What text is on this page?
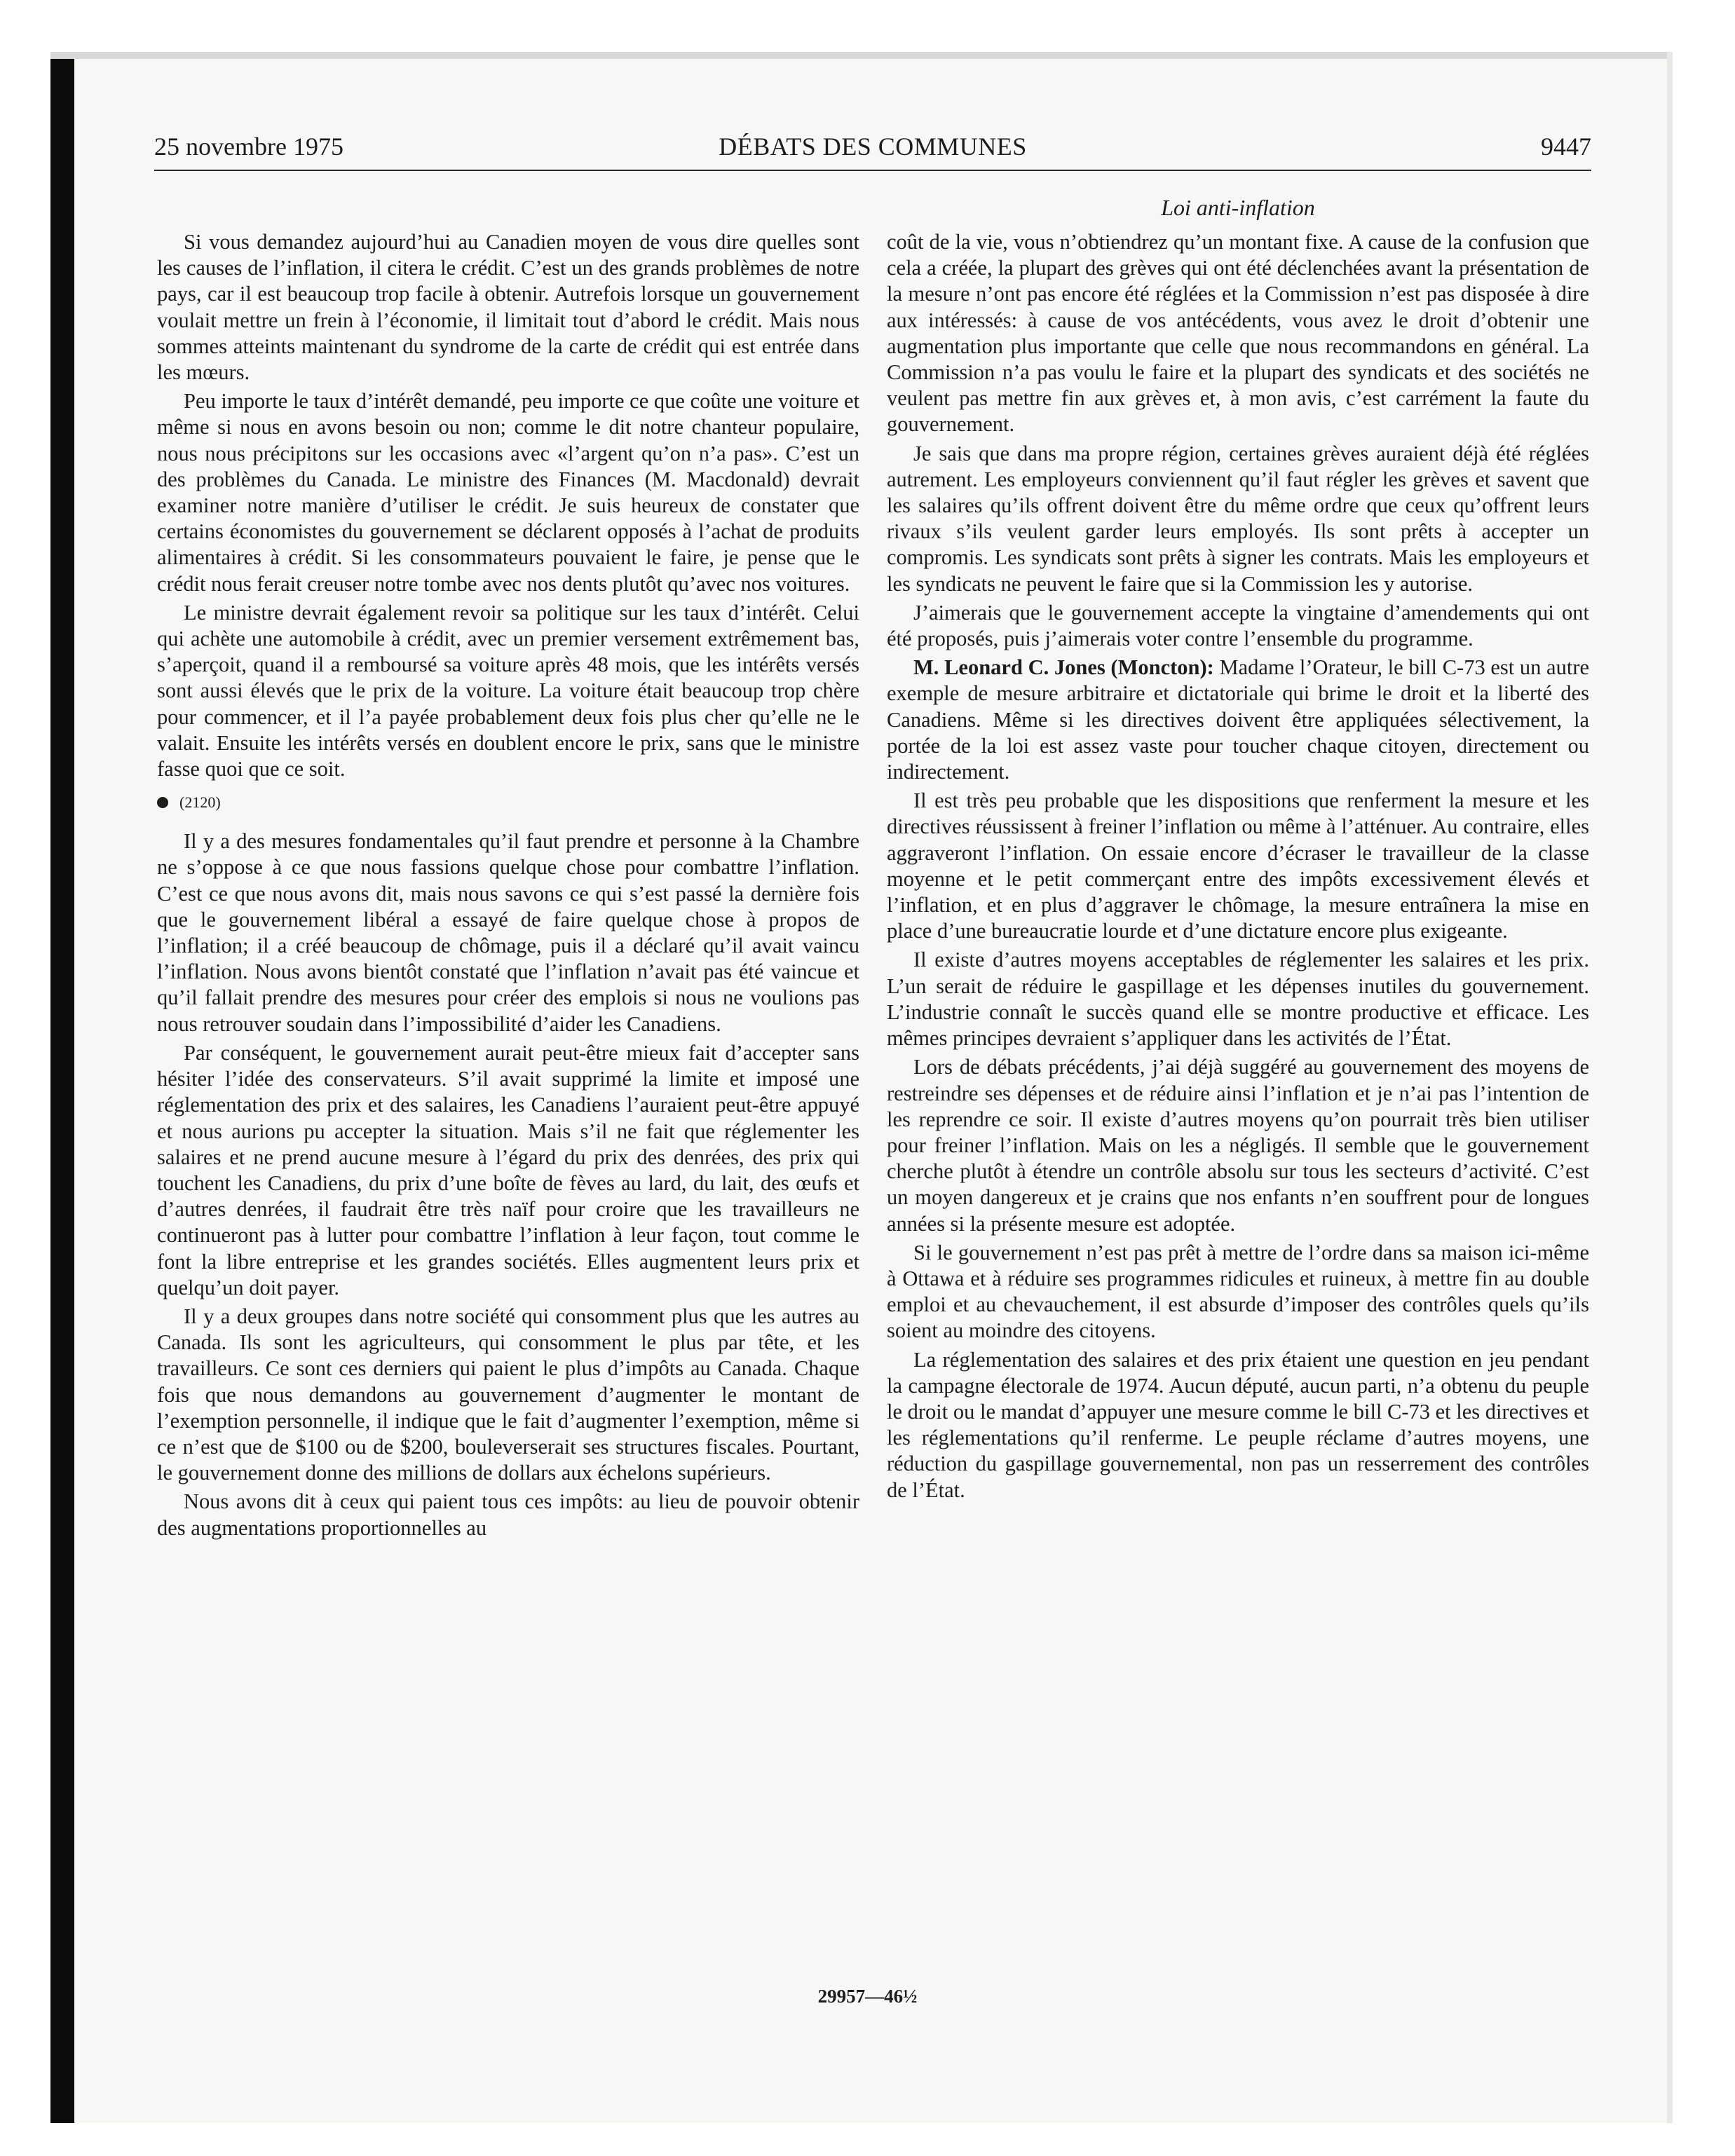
25 novembre 1975	DÉBATS DES COMMUNES	9447
Loi anti-inflation

Si vous demandez aujourd’hui au Canadien moyen de vous dire quelles sont les causes de l’inflation, il citera le crédit. C’est un des grands problèmes de notre pays, car il est beaucoup trop facile à obtenir. Autrefois lorsque un gouvernement voulait mettre un frein à l’économie, il limitait tout d’abord le crédit. Mais nous sommes atteints maintenant du syndrome de la carte de crédit qui est entrée dans les mœurs.

Peu importe le taux d’intérêt demandé, peu importe ce que coûte une voiture et même si nous en avons besoin ou non; comme le dit notre chanteur populaire, nous nous précipitons sur les occasions avec «l’argent qu’on n’a pas». C’est un des problèmes du Canada. Le ministre des Finances (M. Macdonald) devrait examiner notre manière d’utiliser le crédit. Je suis heureux de constater que certains économistes du gouvernement se déclarent opposés à l’achat de produits alimentaires à crédit. Si les consommateurs pouvaient le faire, je pense que le crédit nous ferait creuser notre tombe avec nos dents plutôt qu’avec nos voitures.

Le ministre devrait également revoir sa politique sur les taux d’intérêt. Celui qui achète une automobile à crédit, avec un premier versement extrêmement bas, s’aperçoit, quand il a remboursé sa voiture après 48 mois, que les intérêts versés sont aussi élevés que le prix de la voiture. La voiture était beaucoup trop chère pour commencer, et il l’a payée probablement deux fois plus cher qu’elle ne le valait. Ensuite les intérêts versés en doublent encore le prix, sans que le ministre fasse quoi que ce soit.

(2120)

Il y a des mesures fondamentales qu’il faut prendre et personne à la Chambre ne s’oppose à ce que nous fassions quelque chose pour combattre l’inflation. C’est ce que nous avons dit, mais nous savons ce qui s’est passé la dernière fois que le gouvernement libéral a essayé de faire quelque chose à propos de l’inflation; il a créé beaucoup de chômage, puis il a déclaré qu’il avait vaincu l’inflation. Nous avons bientôt constaté que l’inflation n’avait pas été vaincue et qu’il fallait prendre des mesures pour créer des emplois si nous ne voulions pas nous retrouver soudain dans l’impossibilité d’aider les Canadiens.

Par conséquent, le gouvernement aurait peut-être mieux fait d’accepter sans hésiter l’idée des conservateurs. S’il avait supprimé la limite et imposé une réglementation des prix et des salaires, les Canadiens l’auraient peut-être appuyé et nous aurions pu accepter la situation. Mais s’il ne fait que réglementer les salaires et ne prend aucune mesure à l’égard du prix des denrées, des prix qui touchent les Canadiens, du prix d’une boîte de fèves au lard, du lait, des œufs et d’autres denrées, il faudrait être très naïf pour croire que les travailleurs ne continueront pas à lutter pour combattre l’inflation à leur façon, tout comme le font la libre entreprise et les grandes sociétés. Elles augmentent leurs prix et quelqu’un doit payer.

Il y a deux groupes dans notre société qui consomment plus que les autres au Canada. Ils sont les agriculteurs, qui consomment le plus par tête, et les travailleurs. Ce sont ces derniers qui paient le plus d’impôts au Canada. Chaque fois que nous demandons au gouvernement d’augmenter le montant de l’exemption personnelle, il indique que le fait d’augmenter l’exemption, même si ce n’est que de $100 ou de $200, bouleverserait ses structures fiscales. Pourtant, le gouvernement donne des millions de dollars aux échelons supérieurs.

Nous avons dit à ceux qui paient tous ces impôts: au lieu de pouvoir obtenir des augmentations proportionnelles au

coût de la vie, vous n’obtiendrez qu’un montant fixe. A cause de la confusion que cela a créée, la plupart des grèves qui ont été déclenchées avant la présentation de la mesure n’ont pas encore été réglées et la Commission n’est pas disposée à dire aux intéressés: à cause de vos antécédents, vous avez le droit d’obtenir une augmentation plus importante que celle que nous recommandons en général. La Commission n’a pas voulu le faire et la plupart des syndicats et des sociétés ne veulent pas mettre fin aux grèves et, à mon avis, c’est carrément la faute du gouvernement.

Je sais que dans ma propre région, certaines grèves auraient déjà été réglées autrement. Les employeurs conviennent qu’il faut régler les grèves et savent que les salaires qu’ils offrent doivent être du même ordre que ceux qu’offrent leurs rivaux s’ils veulent garder leurs employés. Ils sont prêts à accepter un compromis. Les syndicats sont prêts à signer les contrats. Mais les employeurs et les syndicats ne peuvent le faire que si la Commission les y autorise.

J’aimerais que le gouvernement accepte la vingtaine d’amendements qui ont été proposés, puis j’aimerais voter contre l’ensemble du programme.

M. Leonard C. Jones (Moncton): Madame l’Orateur, le bill C-73 est un autre exemple de mesure arbitraire et dictatoriale qui brime le droit et la liberté des Canadiens. Même si les directives doivent être appliquées sélectivement, la portée de la loi est assez vaste pour toucher chaque citoyen, directement ou indirectement.

Il est très peu probable que les dispositions que renferment la mesure et les directives réussissent à freiner l’inflation ou même à l’atténuer. Au contraire, elles aggraveront l’inflation. On essaie encore d’écraser le travailleur de la classe moyenne et le petit commerçant entre des impôts excessivement élevés et l’inflation, et en plus d’aggraver le chômage, la mesure entraînera la mise en place d’une bureaucratie lourde et d’une dictature encore plus exigeante.

Il existe d’autres moyens acceptables de réglementer les salaires et les prix. L’un serait de réduire le gaspillage et les dépenses inutiles du gouvernement. L’industrie connaît le succès quand elle se montre productive et efficace. Les mêmes principes devraient s’appliquer dans les activités de l’État.

Lors de débats précédents, j’ai déjà suggéré au gouvernement des moyens de restreindre ses dépenses et de réduire ainsi l’inflation et je n’ai pas l’intention de les reprendre ce soir. Il existe d’autres moyens qu’on pourrait très bien utiliser pour freiner l’inflation. Mais on les a négligés. Il semble que le gouvernement cherche plutôt à étendre un contrôle absolu sur tous les secteurs d’activité. C’est un moyen dangereux et je crains que nos enfants n’en souffrent pour de longues années si la présente mesure est adoptée.

Si le gouvernement n’est pas prêt à mettre de l’ordre dans sa maison ici-même à Ottawa et à réduire ses programmes ridicules et ruineux, à mettre fin au double emploi et au chevauchement, il est absurde d’imposer des contrôles quels qu’ils soient au moindre des citoyens.

La réglementation des salaires et des prix étaient une question en jeu pendant la campagne électorale de 1974. Aucun député, aucun parti, n’a obtenu du peuple le droit ou le mandat d’appuyer une mesure comme le bill C-73 et les directives et les réglementations qu’il renferme. Le peuple réclame d’autres moyens, une réduction du gaspillage gouvernemental, non pas un resserrement des contrôles de l’État.

29957—46½
